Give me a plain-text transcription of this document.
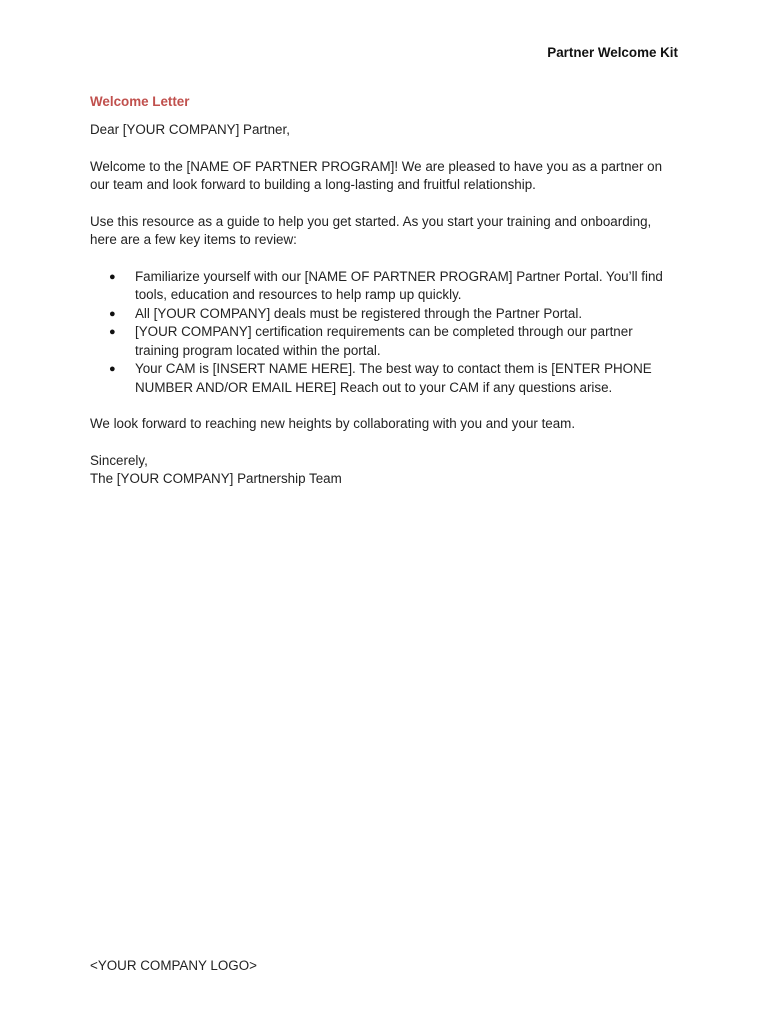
Partner Welcome Kit
Welcome Letter

Dear [YOUR COMPANY] Partner,

Welcome to the [NAME OF PARTNER PROGRAM]! We are pleased to have you as a partner on our team and look forward to building a long-lasting and fruitful relationship.

Use this resource as a guide to help you get started. As you start your training and onboarding, here are a few key items to review:

● Familiarize yourself with our [NAME OF PARTNER PROGRAM] Partner Portal. You’ll find tools, education and resources to help ramp up quickly.
● All [YOUR COMPANY] deals must be registered through the Partner Portal.
● [YOUR COMPANY] certification requirements can be completed through our partner training program located within the portal.
● Your CAM is [INSERT NAME HERE]. The best way to contact them is [ENTER PHONE NUMBER AND/OR EMAIL HERE] Reach out to your CAM if any questions arise.

We look forward to reaching new heights by collaborating with you and your team.

Sincerely,

The [YOUR COMPANY] Partnership Team

<YOUR COMPANY LOGO>
